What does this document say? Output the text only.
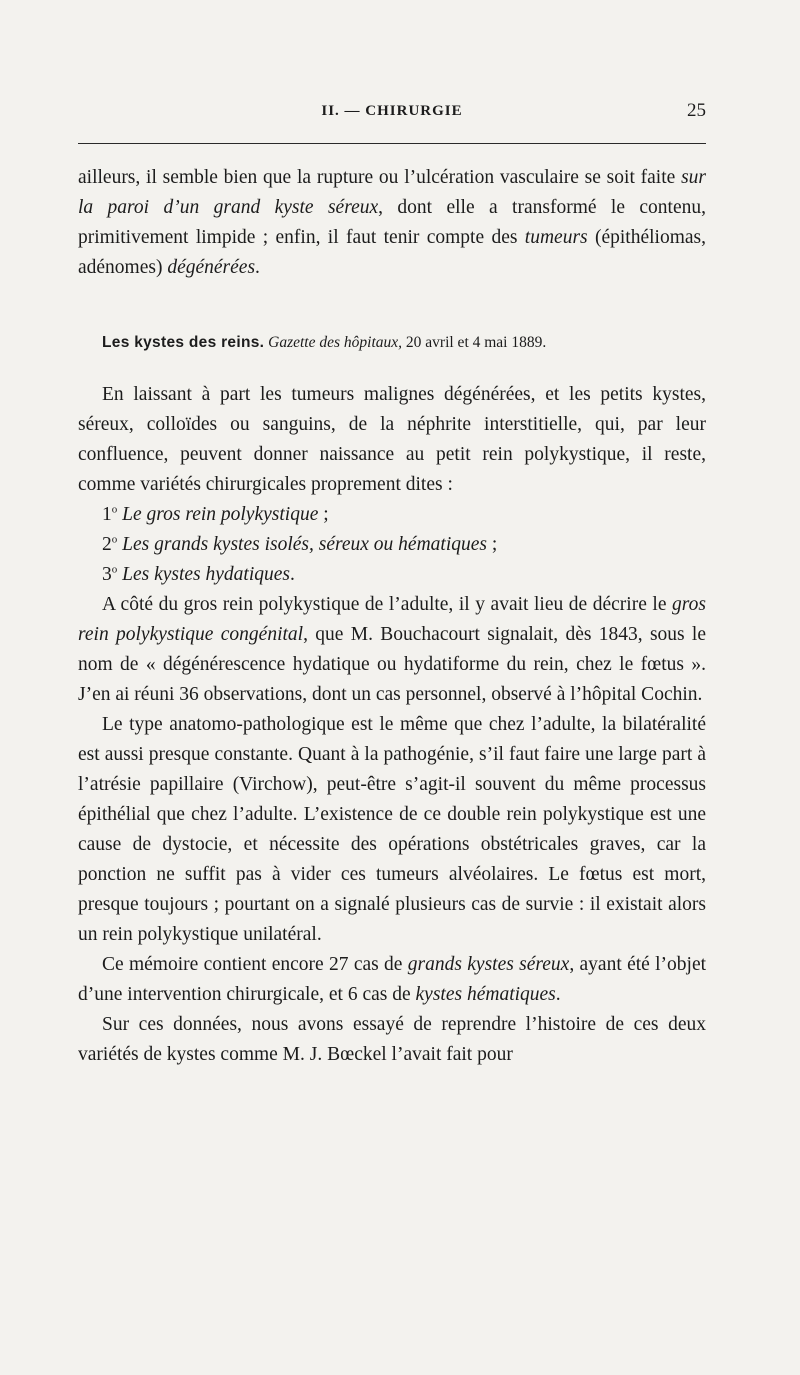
II. — CHIRURGIE	25

ailleurs, il semble bien que la rupture ou l’ulcération vasculaire se soit faite sur la paroi d’un grand kyste séreux, dont elle a transformé le contenu, primitivement limpide ; enfin, il faut tenir compte des tumeurs (épithéliomas, adénomes) dégénérées.

Les kystes des reins. Gazette des hôpitaux, 20 avril et 4 mai 1889.

En laissant à part les tumeurs malignes dégénérées, et les petits kystes, séreux, colloïdes ou sanguins, de la néphrite interstitielle, qui, par leur confluence, peuvent donner naissance au petit rein polykystique, il reste, comme variétés chirurgicales proprement dites :

1$^o$ Le gros rein polykystique ;

2$^o$ Les grands kystes isolés, séreux ou hématiques ;

3$^o$ Les kystes hydatiques.

A côté du gros rein polykystique de l’adulte, il y avait lieu de décrire le gros rein polykystique congénital, que M. Bouchacourt signalait, dès 1843, sous le nom de « dégénérescence hydatique ou hydatiforme du rein, chez le fœtus ». J’en ai réuni 36 observations, dont un cas personnel, observé à l’hôpital Cochin.

Le type anatomo-pathologique est le même que chez l’adulte, la bilatéralité est aussi presque constante. Quant à la pathogénie, s’il faut faire une large part à l’atrésie papillaire (Virchow), peut-être s’agit-il souvent du même processus épithélial que chez l’adulte. L’existence de ce double rein polykystique est une cause de dystocie, et nécessite des opérations obstétricales graves, car la ponction ne suffit pas à vider ces tumeurs alvéolaires. Le fœtus est mort, presque toujours ; pourtant on a signalé plusieurs cas de survie : il existait alors un rein polykystique unilatéral.

Ce mémoire contient encore 27 cas de grands kystes séreux, ayant été l’objet d’une intervention chirurgicale, et 6 cas de kystes hématiques.

Sur ces données, nous avons essayé de reprendre l’histoire de ces deux variétés de kystes comme M. J. Bœckel l’avait fait pour
